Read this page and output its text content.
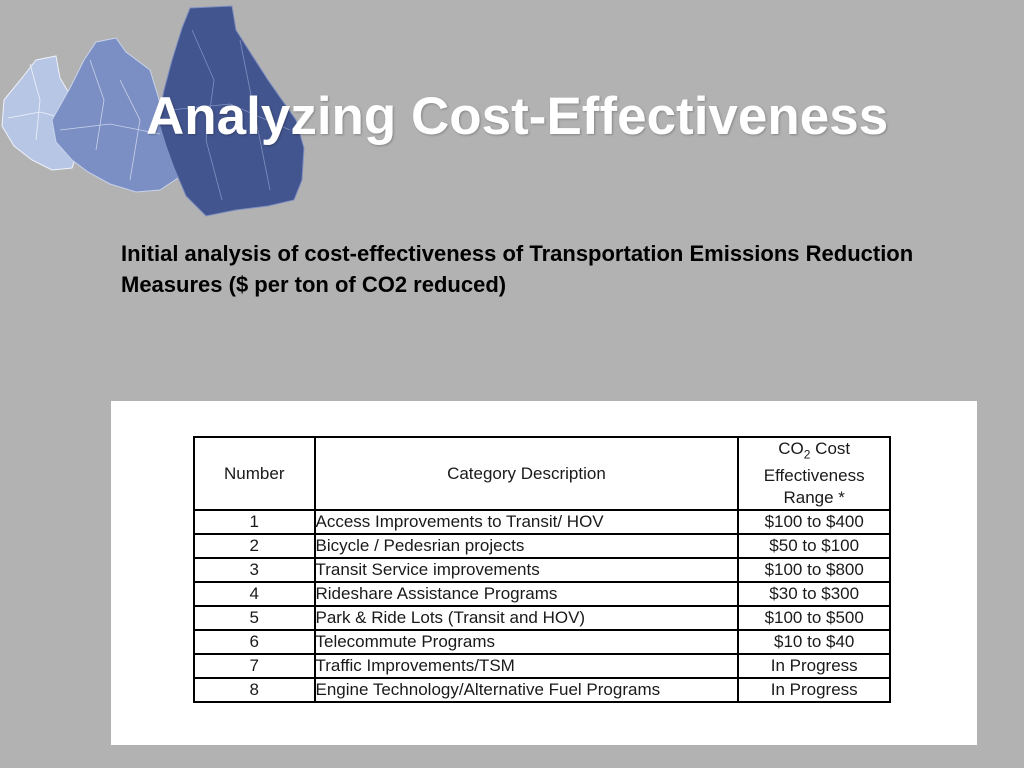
Analyzing Cost-Effectiveness

Initial analysis of cost-effectiveness of Transportation Emissions Reduction Measures ($ per ton of CO2 reduced)

Number	Category Description	$CO_2$ Cost
Effectiveness
Range *
1	Access Improvements to Transit/ HOV	$100 to $400
2	Bicycle / Pedesrian projects	$50 to $100
3	Transit Service improvements	$100 to $800
4	Rideshare Assistance Programs	$30 to $300
5	Park & Ride Lots (Transit and HOV)	$100 to $500
6	Telecommute Programs	$10 to $40
7	Traffic Improvements/TSM	In Progress
8	Engine Technology/Alternative Fuel Programs	In Progress
